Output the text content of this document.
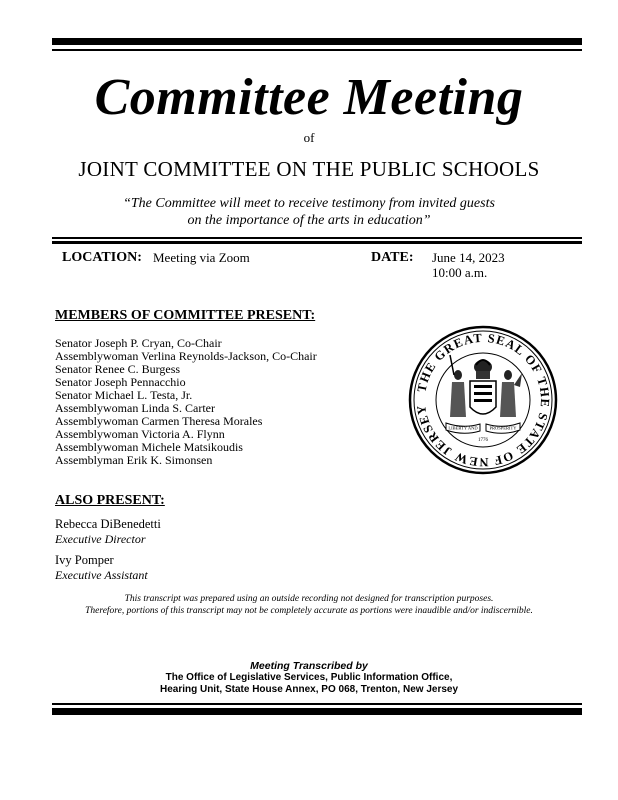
Committee Meeting
of
JOINT COMMITTEE ON THE PUBLIC SCHOOLS
“The Committee will meet to receive testimony from invited guests
on the importance of the arts in education”
LOCATION: Meeting via Zoom	DATE: June 14, 2023
10:00 a.m.
MEMBERS OF COMMITTEE PRESENT:
Senator Joseph P. Cryan, Co-Chair
Assemblywoman Verlina Reynolds-Jackson, Co-Chair
Senator Renee C. Burgess
Senator Joseph Pennacchio
Senator Michael L. Testa, Jr.
Assemblywoman Linda S. Carter
Assemblywoman Carmen Theresa Morales
Assemblywoman Victoria A. Flynn
Assemblywoman Michele Matsikoudis
Assemblyman Erik K. Simonsen
THE GREAT SEAL OF THE STATE OF NEW JERSEY
LIBERTY AND	PROSPERITY
1776
ALSO PRESENT:
Rebecca DiBenedetti
Executive Director
Ivy Pomper
Executive Assistant
This transcript was prepared using an outside recording not designed for transcription purposes.
Therefore, portions of this transcript may not be completely accurate as portions were inaudible and/or indiscernible.
Meeting Transcribed by
The Office of Legislative Services, Public Information Office,
Hearing Unit, State House Annex, PO 068, Trenton, New Jersey
